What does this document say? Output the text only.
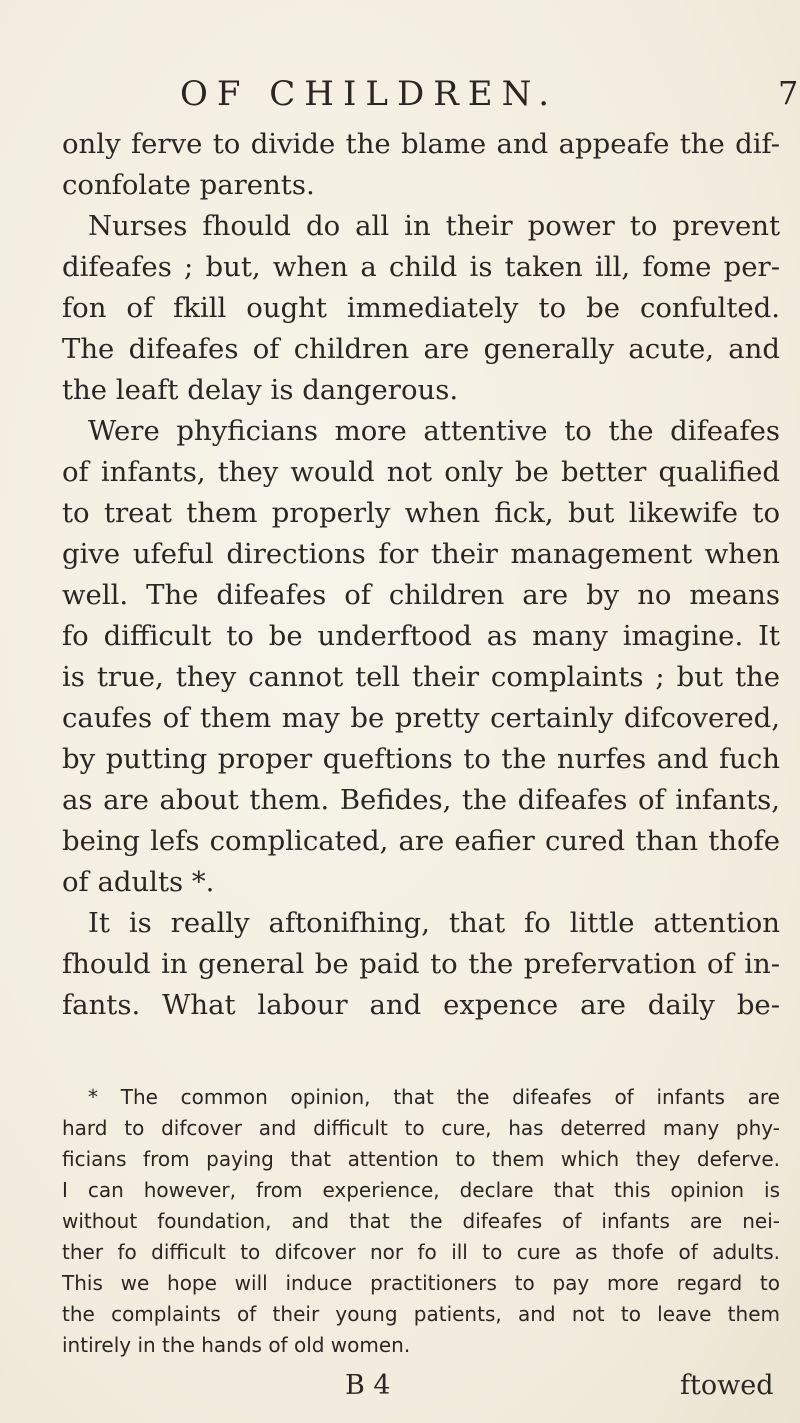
OF CHILDREN.	7
only ferve to divide the blame and appeafe the dif-
confolate parents.
Nurses fhould do all in their power to prevent
difeafes ; but, when a child is taken ill, fome per-
fon of fkill ought immediately to be confulted.
The difeafes of children are generally acute, and
the leaft delay is dangerous.
Were phyficians more attentive to the difeafes
of infants, they would not only be better qualified
to treat them properly when fick, but likewife to
give ufeful directions for their management when
well. The difeafes of children are by no means
fo difficult to be underftood as many imagine. It
is true, they cannot tell their complaints ; but the
caufes of them may be pretty certainly difcovered,
by putting proper queftions to the nurfes and fuch
as are about them. Befides, the difeafes of infants,
being lefs complicated, are eafier cured than thofe
of adults *.
It is really aftonifhing, that fo little attention
fhould in general be paid to the prefervation of in-
fants. What labour and expence are daily be-
* The common opinion, that the difeafes of infants are
hard to difcover and difficult to cure, has deterred many phy-
ficians from paying that attention to them which they deferve.
I can however, from experience, declare that this opinion is
without foundation, and that the difeafes of infants are nei-
ther fo difficult to difcover nor fo ill to cure as thofe of adults.
This we hope will induce practitioners to pay more regard to
the complaints of their young patients, and not to leave them
intirely in the hands of old women.
B 4	ftowed
